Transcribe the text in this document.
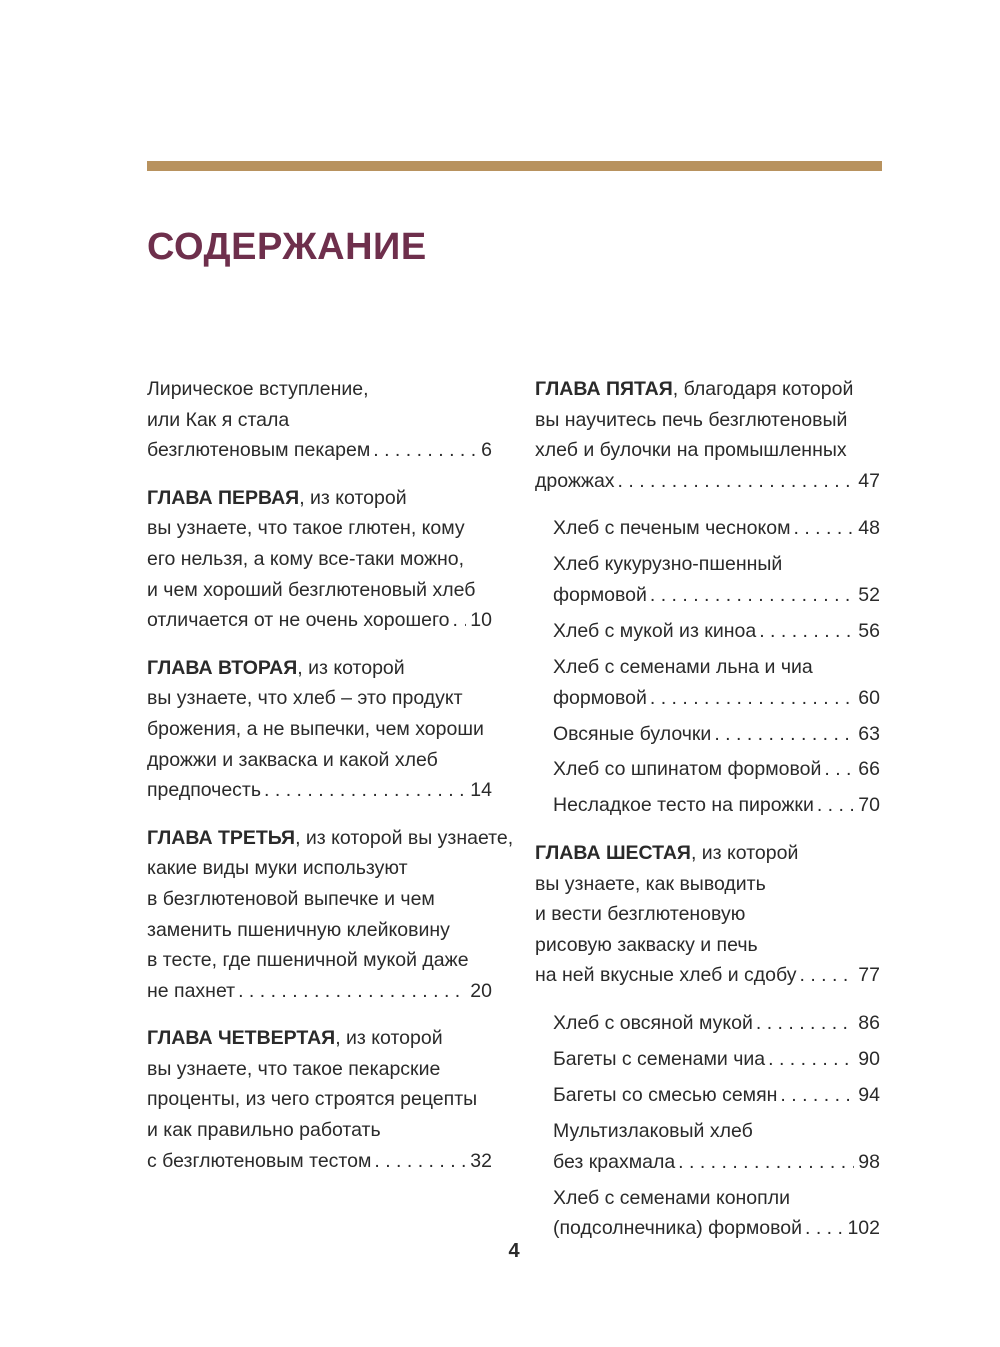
СОДЕРЖАНИЕ
Лирическое вступление,
или Как я стала
безглютеновым пекарем . . .	6
ГЛАВА ПЕРВАЯ, из которой
вы узнаете, что такое глютен, кому
его нельзя, а кому все-таки можно,
и чем хороший безглютеновый хлеб
отличается от не очень хорошего . . . 10
ГЛАВА ВТОРАЯ, из которой
вы узнаете, что хлеб – это продукт
брожения, а не выпечки, чем хороши
дрожжи и закваска и какой хлеб
предпочесть . . .	14
ГЛАВА ТРЕТЬЯ, из которой вы узнаете,
какие виды муки используют
в безглютеновой выпечке и чем
заменить пшеничную клейковину
в тесте, где пшеничной мукой даже
не пахнет . . .	20
ГЛАВА ЧЕТВЕРТАЯ, из которой
вы узнаете, что такое пекарские
проценты, из чего строятся рецепты
и как правильно работать
с безглютеновым тестом . . .	32
ГЛАВА ПЯТАЯ, благодаря которой
вы научитесь печь безглютеновый
хлеб и булочки на промышленных
дрожжах . . .	47
Хлеб с печеным чесноком . . .	48
Хлеб кукурузно-пшенный
формовой . . .	52
Хлеб с мукой из киноа . . .	56
Хлеб с семенами льна и чиа
формовой . . .	60
Овсяные булочки . . .	63
Хлеб со шпинатом формовой . . . 66
Несладкое тесто на пирожки . . . 70
ГЛАВА ШЕСТАЯ, из которой
вы узнаете, как выводить
и вести безглютеновую
рисовую закваску и печь
на ней вкусные хлеб и сдобу . . .	77
Хлеб с овсяной мукой . . .	86
Багеты с семенами чиа . . .	90
Багеты со смесью семян . . .	94
Мультизлаковый хлеб
без крахмала . . .	98
Хлеб с семенами конопли
(подсолнечника) формовой . . . 102
4
